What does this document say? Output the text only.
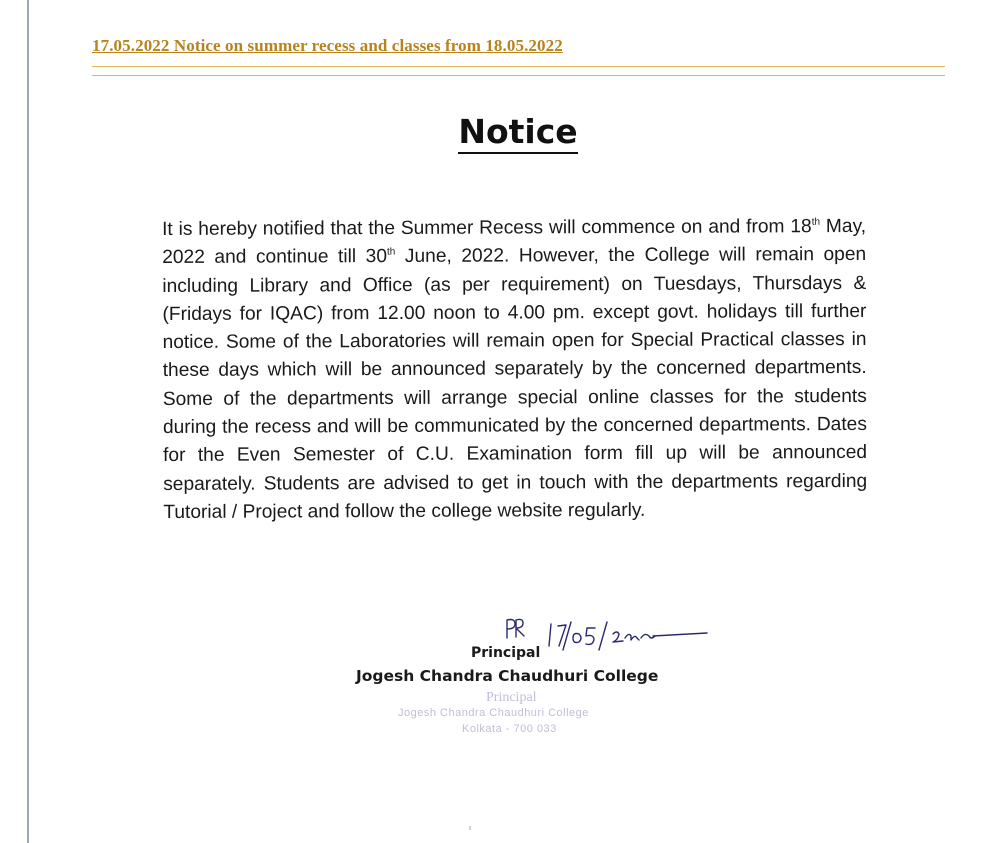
17.05.2022 Notice on summer recess and classes from 18.05.2022
Notice
It is hereby notified that the Summer Recess will commence on and from 18th May, 2022 and continue till 30th June, 2022. However, the College will remain open including Library and Office (as per requirement) on Tuesdays, Thursdays & (Fridays for IQAC) from 12.00 noon to 4.00 pm. except govt. holidays till further notice. Some of the Laboratories will remain open for Special Practical classes in these days which will be announced separately by the concerned departments. Some of the departments will arrange special online classes for the students during the recess and will be communicated by the concerned departments. Dates for the Even Semester of C.U. Examination form fill up will be announced separately. Students are advised to get in touch with the departments regarding Tutorial / Project and follow the college website regularly.
Principal
Jogesh Chandra Chaudhuri College
Principal
Jogesh Chandra Chaudhuri College
Kolkata - 700 033
